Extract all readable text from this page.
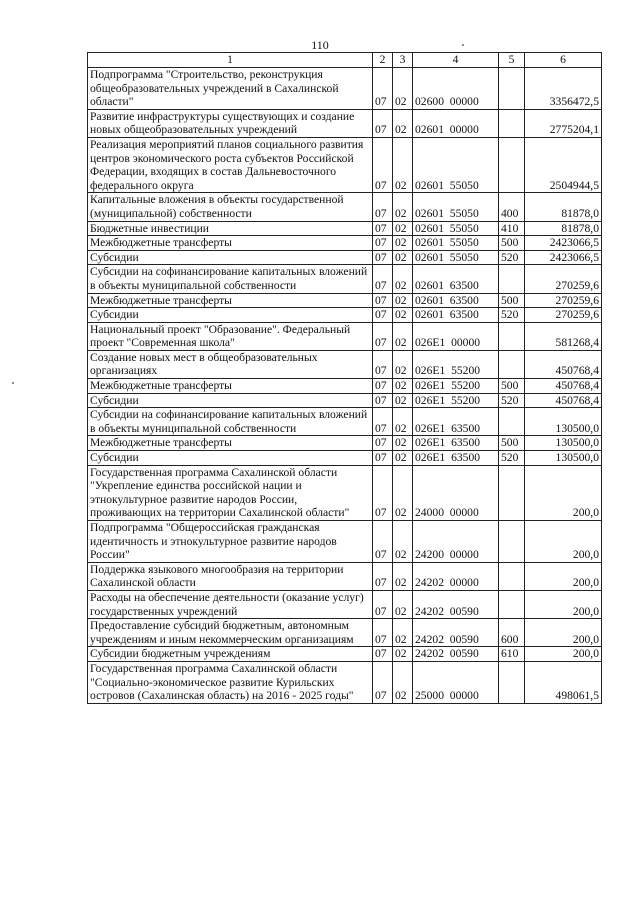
110
1	2	3	4	5	6
Подпрограмма "Строительство, реконструкция общеобразовательных учреждений в Сахалинской области"	07	02	02600  00000		3356472,5
Развитие инфраструктуры существующих и создание новых общеобразовательных учреждений	07	02	02601  00000		2775204,1
Реализация мероприятий планов социального развития центров экономического роста субъектов Российской Федерации, входящих в состав Дальневосточного федерального округа	07	02	02601  55050		2504944,5
Капитальные вложения в объекты государственной (муниципальной) собственности	07	02	02601  55050	400	81878,0
Бюджетные инвестиции	07	02	02601  55050	410	81878,0
Межбюджетные трансферты	07	02	02601  55050	500	2423066,5
Субсидии	07	02	02601  55050	520	2423066,5
Субсидии на софинансирование капитальных вложений в объекты муниципальной собственности	07	02	02601  63500		270259,6
Межбюджетные трансферты	07	02	02601  63500	500	270259,6
Субсидии	07	02	02601  63500	520	270259,6
Национальный проект "Образование". Федеральный проект "Современная школа"	07	02	026E1  00000		581268,4
Создание новых мест в общеобразовательных организациях	07	02	026E1  55200		450768,4
Межбюджетные трансферты	07	02	026E1  55200	500	450768,4
Субсидии	07	02	026E1  55200	520	450768,4
Субсидии на софинансирование капитальных вложений в объекты муниципальной собственности	07	02	026E1  63500		130500,0
Межбюджетные трансферты	07	02	026E1  63500	500	130500,0
Субсидии	07	02	026E1  63500	520	130500,0
Государственная программа Сахалинской области "Укрепление единства российской нации и этнокультурное развитие народов России, проживающих на территории Сахалинской области"	07	02	24000  00000		200,0
Подпрограмма "Общероссийская гражданская идентичность и этнокультурное развитие народов России"	07	02	24200  00000		200,0
Поддержка языкового многообразия на территории Сахалинской области	07	02	24202  00000		200,0
Расходы на обеспечение деятельности (оказание услуг) государственных учреждений	07	02	24202  00590		200,0
Предоставление субсидий бюджетным, автономным учреждениям и иным некоммерческим организациям	07	02	24202  00590	600	200,0
Субсидии бюджетным учреждениям	07	02	24202  00590	610	200,0
Государственная программа Сахалинской области "Социально-экономическое развитие Курильских островов (Сахалинская область) на 2016 - 2025 годы"	07	02	25000  00000		498061,5
